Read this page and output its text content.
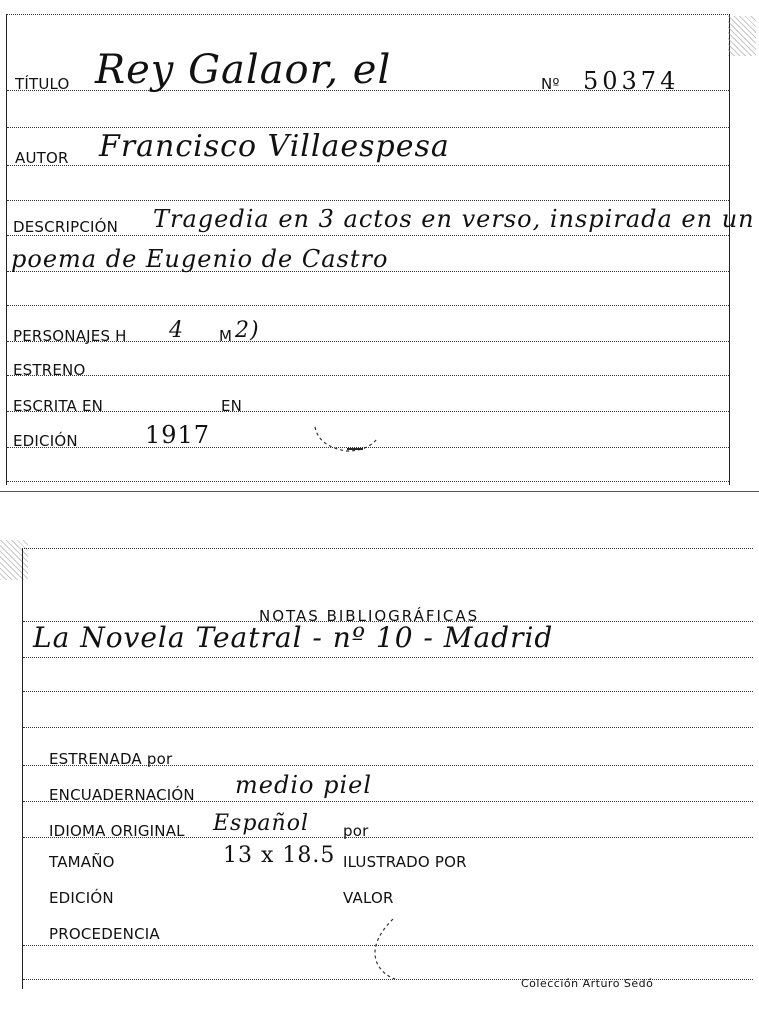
TÍTULO Rey Galaor, el	Nº 50374
AUTOR Francisco Villaespesa
DESCRIPCIÓN Tragedia en 3 actos en verso, inspirada en un
poema de Eugenio de Castro
PERSONAJES H 4 M 2)
ESTRENO
ESCRITA EN	EN
EDICIÓN	1917
NOTAS BIBLIOGRÁFICAS
La Novela Teatral - nº 10 - Madrid
ESTRENADA por
ENCUADERNACIÓN medio piel
IDIOMA ORIGINAL Español por
TAMAÑO	13 x 18.5 ILUSTRADO POR
EDICIÓN	VALOR
PROCEDENCIA
Colección Arturo Sedó
